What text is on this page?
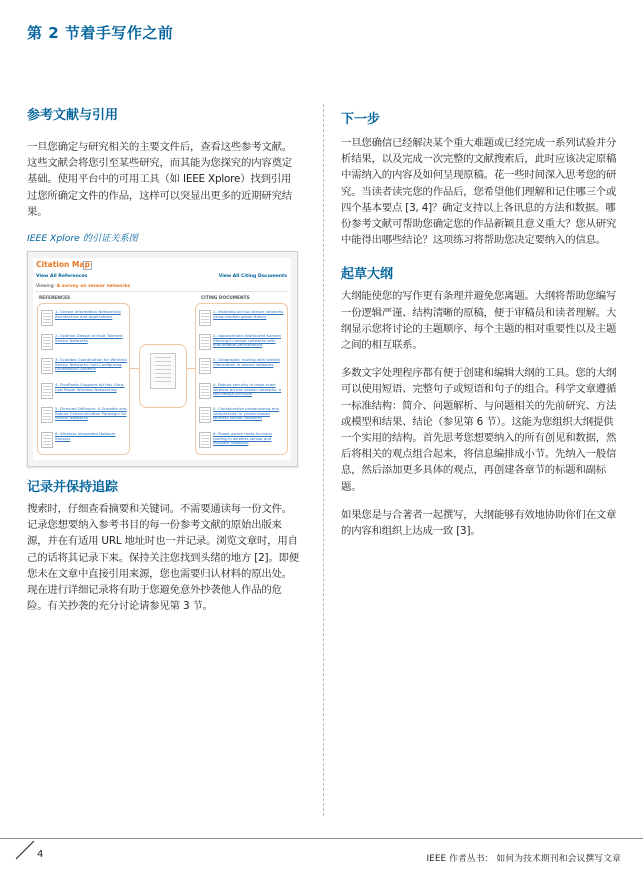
第 2 节着手写作之前
参考文献与引用

一旦您确定与研究相关的主要文件后，查看这些参考文献。这些文献会将您引至某些研究，而其能为您探究的内容奠定基础。使用平台中的可用工具（如 IEEE Xplore）找到引用过您所确定文件的作品，这样可以突显出更多的近期研究结果。

IEEE Xplore 的引证关系图
Citation Map
View All References	View All Citing Documents
Viewing: A survey on sensor networks
REFERENCES	CITING DOCUMENTS
1- Sensor Information Networking Architecture and Applications
2- Optimal Design of Fault Tolerant Sensor Networks
3- Scalable Coordination for Wireless Sensor Networks: Self-Configuring Localization Systems
4- PicoRadio Supports Ad Hoc Ultra-Low Power Wireless Networking
5- Directed Diffusion: A Scalable and Robust Communication Paradigm for Sensor Networks
6- Wireless Integrated Network Sensors
1- Modeling ad hoc sensor networks using random graph theory
2- Approximate distributed Kalman filtering in sensor networks with quantifiable performance
3- Geographic routing with limited information in sensor networks
4- Robust security in large-scale wireless ad hoc sensor networks: a key-design principle
5- Collaborative broadcasting and compression in cluster-based wireless sensor networks
6- Power-aware route-to-many routing in wireless sensor and actuator networks
记录并保持追踪

搜索时，仔细查看摘要和关键词。不需要通读每一份文件。记录您想要纳入参考书目的每一份参考文献的原始出版来源，并在有适用 URL 地址时也一并记录。浏览文章时，用自己的话将其记录下来。保持关注您找到头绪的地方 [2]。即便您未在文章中直接引用来源，您也需要归认材料的原出处。现在进行详细记录将有助于您避免意外抄袭他人作品的危险。有关抄袭的充分讨论请参见第 3 节。

下一步

一旦您确信已经解决某个重大难题或已经完成一系列试验并分析结果，以及完成一次完整的文献搜索后，此时应该决定原稿中需纳入的内容及如何呈现原稿。花一些时间深入思考您的研究。当读者读完您的作品后，您希望他们理解和记住哪三个或四个基本要点 [3, 4]？确定支持以上各讯息的方法和数据。哪份参考文献可帮助您确定您的作品新颖且意义重大？您从研究中能得出哪些结论？这项练习将帮助您决定要纳入的信息。

起草大纲

大纲能使您的写作更有条理并避免您离题。大纲将帮助您编写一份逻辑严谨、结构清晰的原稿，便于审稿员和读者理解。大纲显示您将讨论的主题顺序、每个主题的相对重要性以及主题之间的相互联系。

多数文字处理程序都有便于创建和编辑大纲的工具。您的大纲可以使用短语、完整句子或短语和句子的组合。科学文章遵循一标准结构：简介、问题解析、与问题相关的先前研究、方法或模型和结果、结论（参见第 6 节）。这能为您组织大纲提供一个实用的结构。首先思考您想要纳入的所有创见和数据，然后将相关的观点组合起来，将信息编排成小节。先纳入一般信息，然后添加更多具体的观点，再创建各章节的标题和副标题。

如果您是与合著者一起撰写，大纲能够有效地协助你们在文章的内容和组织上达成一致 [3]。

4	IEEE 作者丛书： 如何为技术期刊和会议撰写文章
